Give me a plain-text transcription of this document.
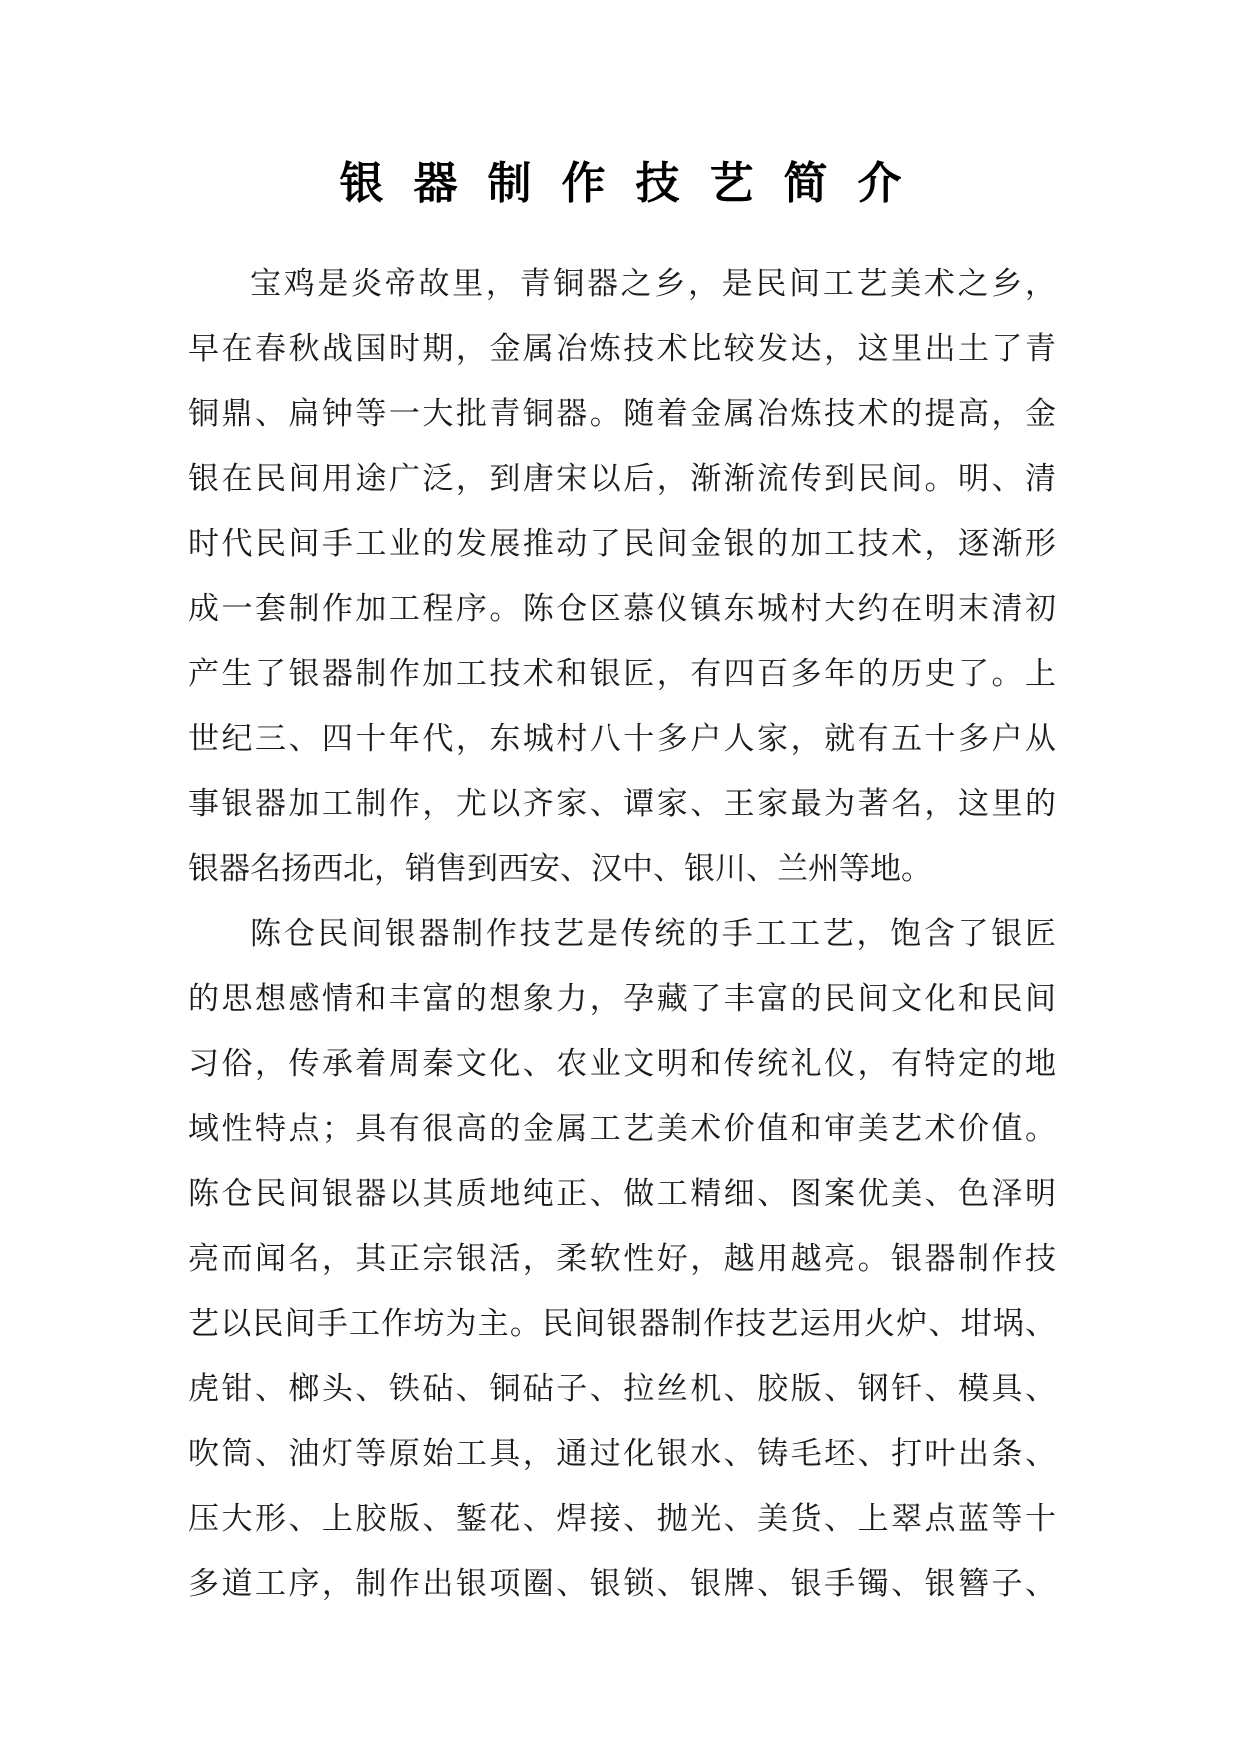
银器制作技艺简介
宝鸡是炎帝故里，青铜器之乡，是民间工艺美术之乡，
早在春秋战国时期，金属冶炼技术比较发达，这里出土了青
铜鼎、扁钟等一大批青铜器。随着金属冶炼技术的提高，金
银在民间用途广泛，到唐宋以后，渐渐流传到民间。明、清
时代民间手工业的发展推动了民间金银的加工技术，逐渐形
成一套制作加工程序。陈仓区慕仪镇东城村大约在明末清初
产生了银器制作加工技术和银匠，有四百多年的历史了。上
世纪三、四十年代，东城村八十多户人家，就有五十多户从
事银器加工制作，尤以齐家、谭家、王家最为著名，这里的
银器名扬西北，销售到西安、汉中、银川、兰州等地。
陈仓民间银器制作技艺是传统的手工工艺，饱含了银匠
的思想感情和丰富的想象力，孕藏了丰富的民间文化和民间
习俗，传承着周秦文化、农业文明和传统礼仪，有特定的地
域性特点；具有很高的金属工艺美术价值和审美艺术价值。
陈仓民间银器以其质地纯正、做工精细、图案优美、色泽明
亮而闻名，其正宗银活，柔软性好，越用越亮。银器制作技
艺以民间手工作坊为主。民间银器制作技艺运用火炉、坩埚、
虎钳、榔头、铁砧、铜砧子、拉丝机、胶版、钢钎、模具、
吹筒、油灯等原始工具，通过化银水、铸毛坯、打叶出条、
压大形、上胶版、錾花、焊接、抛光、美货、上翠点蓝等十
多道工序，制作出银项圈、银锁、银牌、银手镯、银簪子、
